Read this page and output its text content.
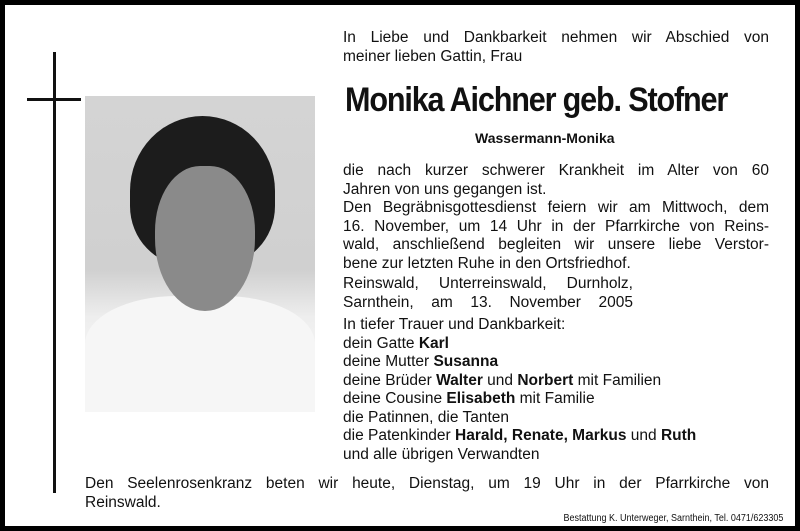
In Liebe und Dankbarkeit nehmen wir Abschied von
meiner lieben Gattin, Frau
Monika Aichner geb. Stofner
Wassermann-Monika
die nach kurzer schwerer Krankheit im Alter von 60
Jahren von uns gegangen ist.
Den Begräbnisgottesdienst feiern wir am Mittwoch, dem
16. November, um 14 Uhr in der Pfarrkirche von Reins-
wald, anschließend begleiten wir unsere liebe Verstor-
bene zur letzten Ruhe in den Ortsfriedhof.
Reinswald, Unterreinswald, Durnholz,
Sarnthein, am 13. November 2005
In tiefer Trauer und Dankbarkeit:
dein Gatte Karl
deine Mutter Susanna
deine Brüder Walter und Norbert mit Familien
deine Cousine Elisabeth mit Familie
die Patinnen, die Tanten
die Patenkinder Harald, Renate, Markus und Ruth
und alle übrigen Verwandten
Den Seelenrosenkranz beten wir heute, Dienstag, um 19 Uhr in der Pfarrkirche von
Reinswald.
Bestattung K. Unterweger, Sarnthein, Tel. 0471/623305
